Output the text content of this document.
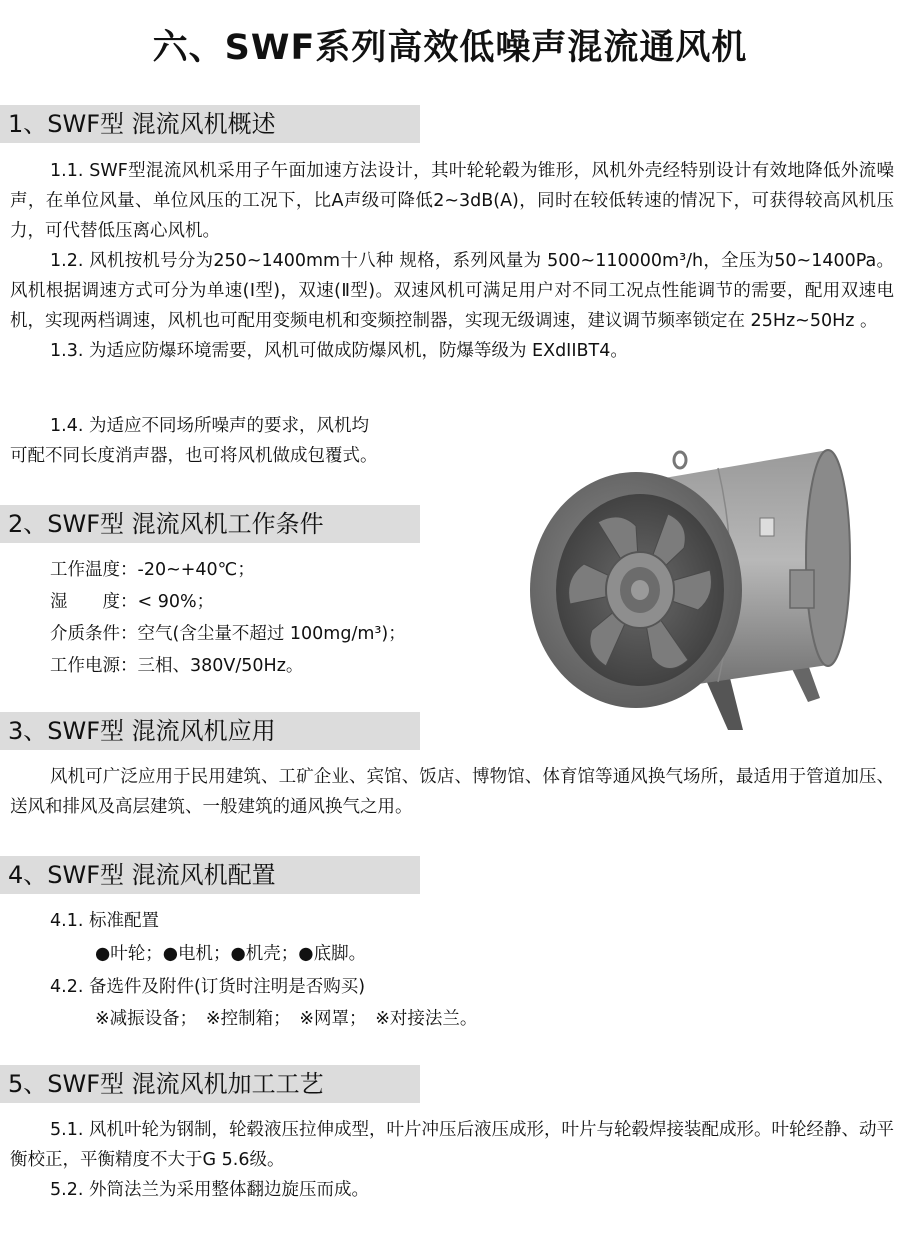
六、SWF系列高效低噪声混流通风机
1、SWF型 混流风机概述

1.1. SWF型混流风机采用子午面加速方法设计，其叶轮轮毂为锥形，风机外壳经特别设计有效地降低外流噪声，在单位风量、单位风压的工况下，比A声级可降低2~3dB(A)，同时在较低转速的情况下，可获得较高风机压力，可代替低压离心风机。

1.2. 风机按机号分为250~1400mm十八种 规格，系列风量为 500~110000m³/h，全压为50~1400Pa。风机根据调速方式可分为单速(Ⅰ型)，双速(Ⅱ型)。双速风机可满足用户对不同工况点性能调节的需要，配用双速电机，实现两档调速，风机也可配用变频电机和变频控制器，实现无级调速，建议调节频率锁定在 25Hz~50Hz 。

1.3. 为适应防爆环境需要，风机可做成防爆风机，防爆等级为 EXdIIBT4。

1.4. 为适应不同场所噪声的要求，风机均
可配不同长度消声器，也可将风机做成包覆式。
2、SWF型 混流风机工作条件
工作温度：-20~+40℃；
湿　　度：< 90%；
介质条件：空气(含尘量不超过 100mg/m³)；
工作电源：三相、380V/50Hz。
3、SWF型 混流风机应用

风机可广泛应用于民用建筑、工矿企业、宾馆、饭店、博物馆、体育馆等通风换气场所，最适用于管道加压、送风和排风及高层建筑、一般建筑的通风换气之用。

4、SWF型 混流风机配置
4.1. 标准配置
●叶轮；●电机；●机壳；●底脚。
4.2. 备选件及附件(订货时注明是否购买)
※减振设备；　※控制箱；　※网罩；　※对接法兰。
5、SWF型 混流风机加工工艺

5.1. 风机叶轮为钢制，轮毂液压拉伸成型，叶片冲压后液压成形，叶片与轮毂焊接装配成形。叶轮经静、动平衡校正，平衡精度不大于G 5.6级。

5.2. 外筒法兰为采用整体翻边旋压而成。
